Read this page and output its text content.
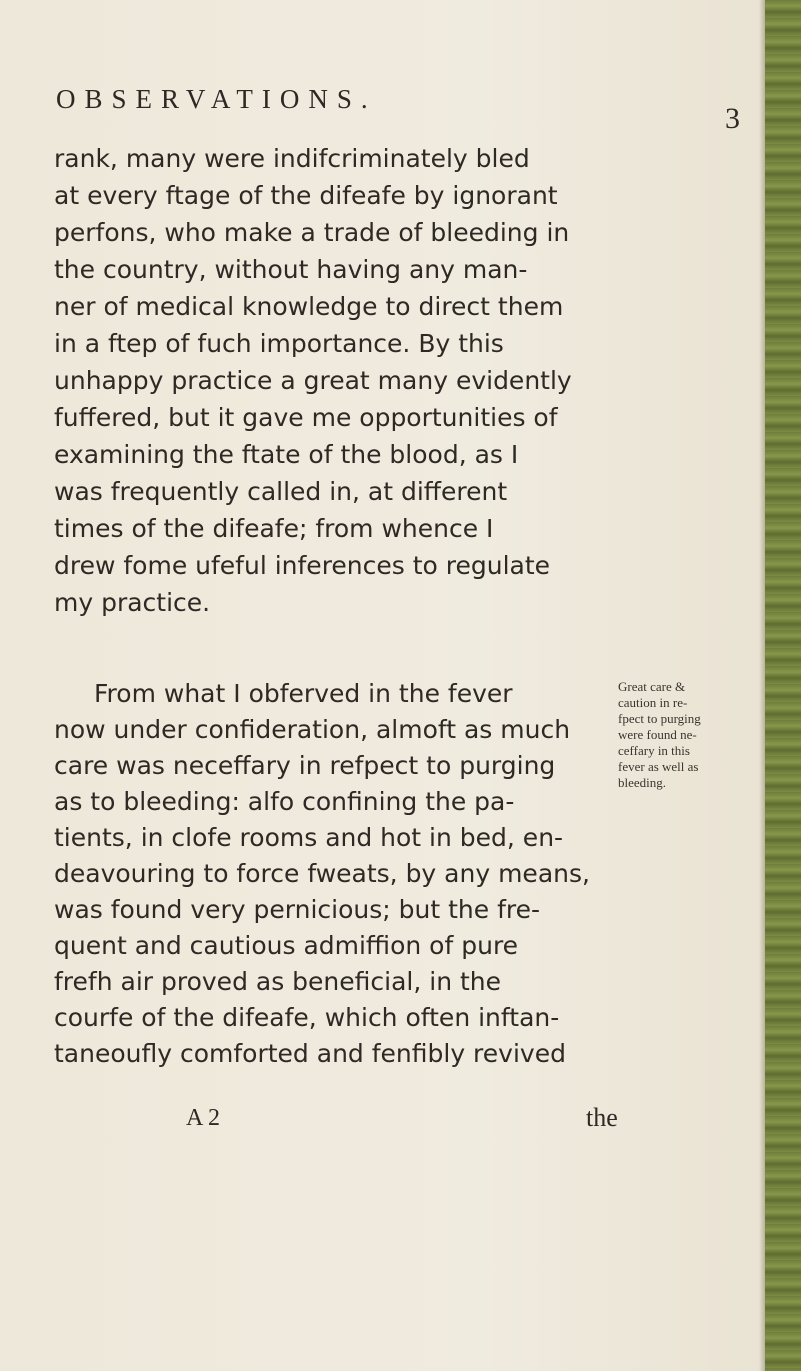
OBSERVATIONS.
3

rank, many were indifcriminately bled
at every ftage of the difeafe by ignorant
perfons, who make a trade of bleeding in
the country, without having any man-
ner of medical knowledge to direct them
in a ftep of fuch importance. By this
unhappy practice a great many evidently
fuffered, but it gave me opportunities of
examining the ftate of the blood, as I
was frequently called in, at different
times of the difeafe; from whence I
drew fome ufeful inferences to regulate
my practice.

From what I obferved in the fever
now under confideration, almoft as much
care was neceffary in refpect to purging
as to bleeding: alfo confining the pa-
tients, in clofe rooms and hot in bed, en-
deavouring to force fweats, by any means,
was found very pernicious; but the fre-
quent and cautious admiffion of pure
frefh air proved as beneficial, in the
courfe of the difeafe, which often inftan-
taneoufly comforted and fenfibly revived

Great care &
caution in re-
fpect to purging
were found ne-
ceffary in this
fever as well as
bleeding.
A 2	the
